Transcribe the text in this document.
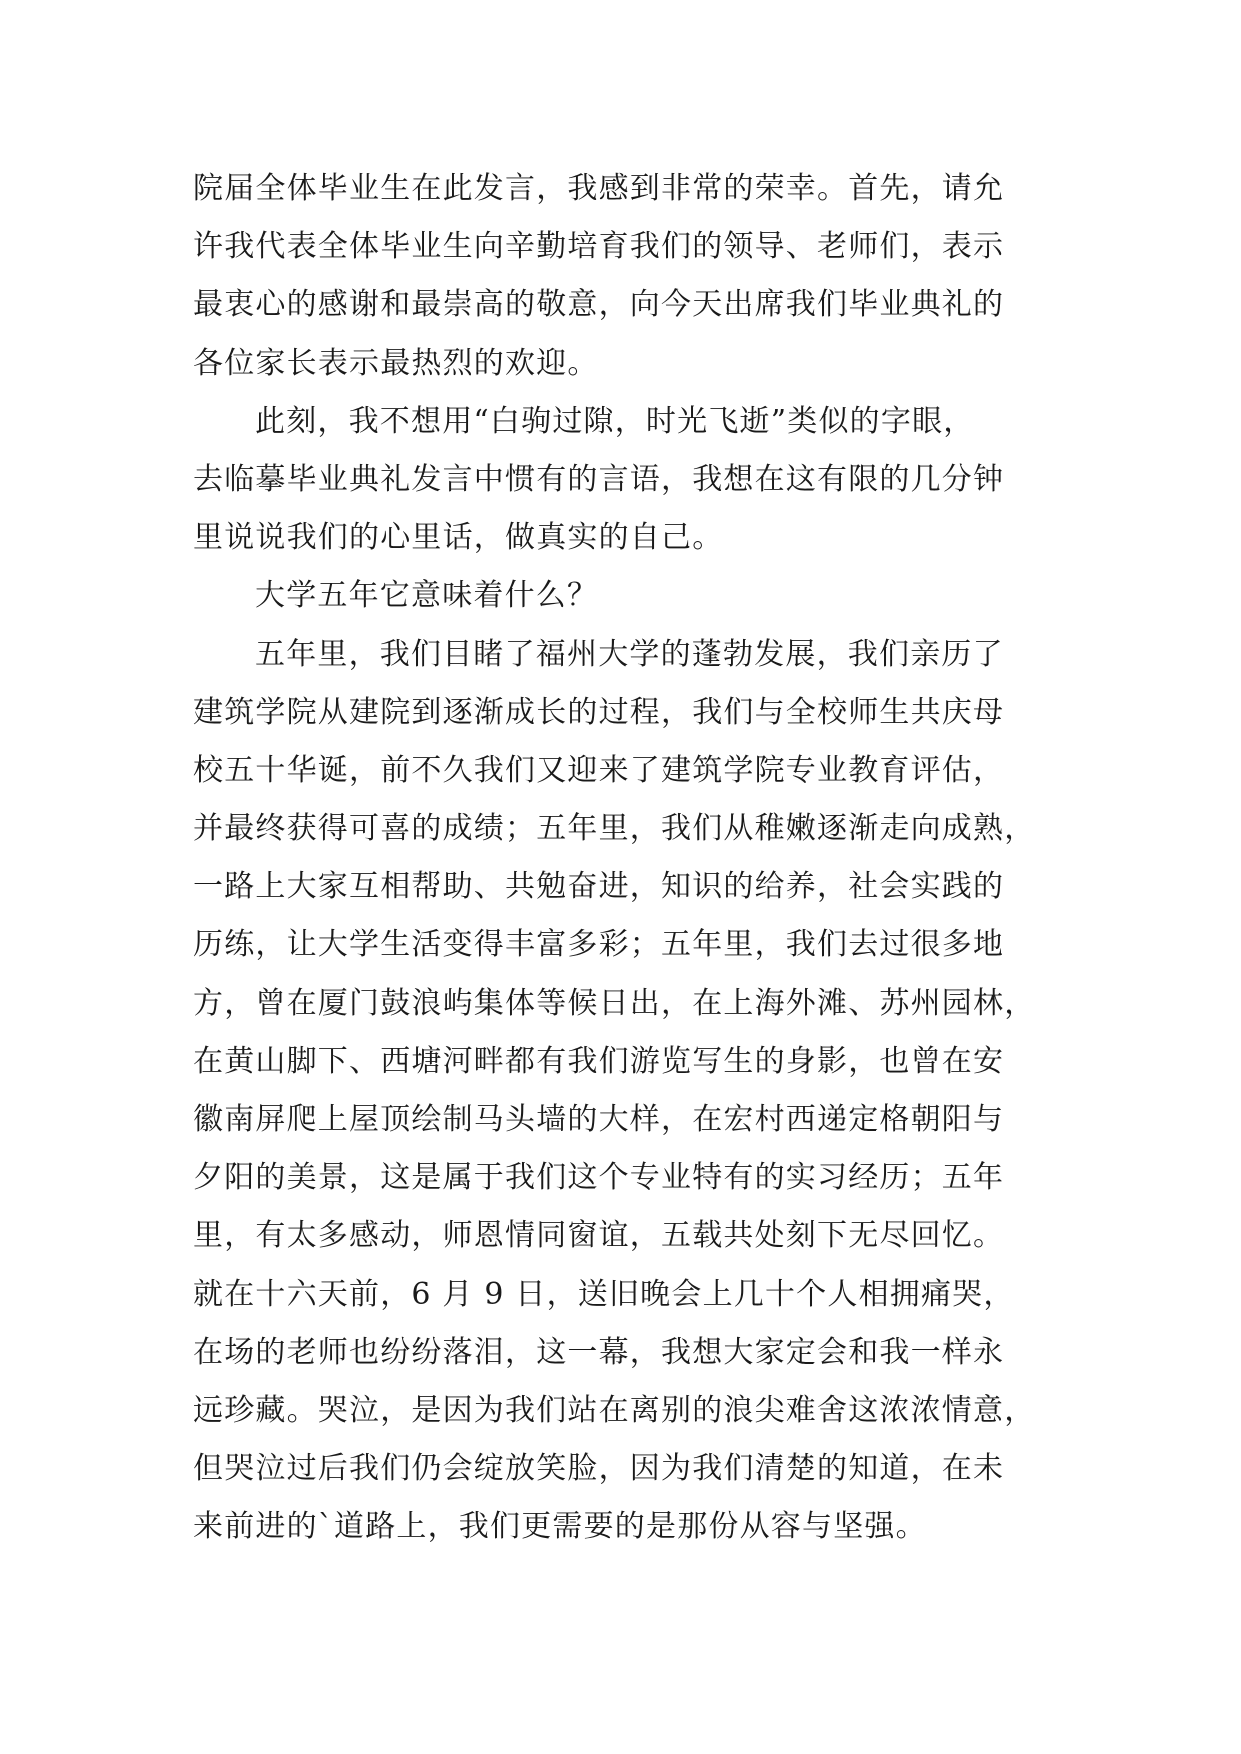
院届全体毕业生在此发言，我感到非常的荣幸。首先，请允
许我代表全体毕业生向辛勤培育我们的领导、老师们，表示
最衷心的感谢和最崇高的敬意，向今天出席我们毕业典礼的
各位家长表示最热烈的欢迎。
此刻，我不想用“白驹过隙，时光飞逝”类似的字眼，
去临摹毕业典礼发言中惯有的言语，我想在这有限的几分钟
里说说我们的心里话，做真实的自己。
大学五年它意味着什么？
五年里，我们目睹了福州大学的蓬勃发展，我们亲历了
建筑学院从建院到逐渐成长的过程，我们与全校师生共庆母
校五十华诞，前不久我们又迎来了建筑学院专业教育评估，
并最终获得可喜的成绩；五年里，我们从稚嫩逐渐走向成熟，
一路上大家互相帮助、共勉奋进，知识的给养，社会实践的
历练，让大学生活变得丰富多彩；五年里，我们去过很多地
方，曾在厦门鼓浪屿集体等候日出，在上海外滩、苏州园林，
在黄山脚下、西塘河畔都有我们游览写生的身影，也曾在安
徽南屏爬上屋顶绘制马头墙的大样，在宏村西递定格朝阳与
夕阳的美景，这是属于我们这个专业特有的实习经历；五年
里，有太多感动，师恩情同窗谊，五载共处刻下无尽回忆。
就在十六天前，6 月 9 日，送旧晚会上几十个人相拥痛哭，
在场的老师也纷纷落泪，这一幕，我想大家定会和我一样永
远珍藏。哭泣，是因为我们站在离别的浪尖难舍这浓浓情意，
但哭泣过后我们仍会绽放笑脸，因为我们清楚的知道，在未
来前进的`道路上，我们更需要的是那份从容与坚强。
